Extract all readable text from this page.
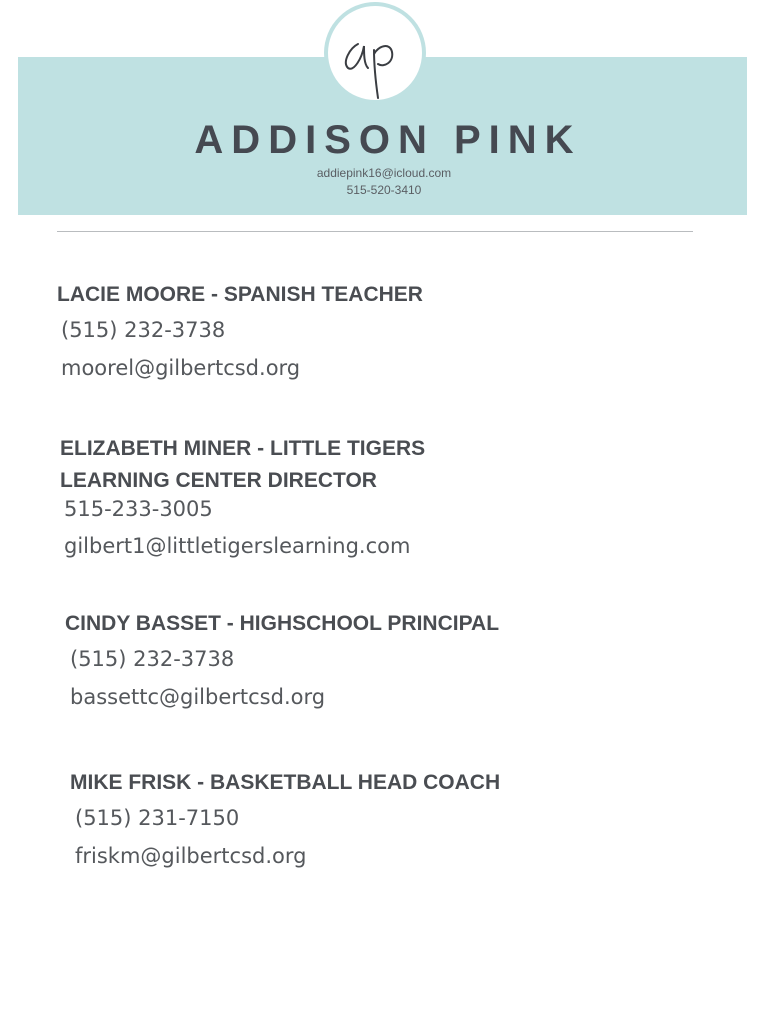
ADDISON PINK

addiepink16@icloud.com

515-520-3410

LACIE MOORE - SPANISH TEACHER

(515) 232-3738

moorel@gilbertcsd.org

ELIZABETH MINER - LITTLE TIGERS

LEARNING CENTER DIRECTOR

515-233-3005

gilbert1@littletigerslearning.com

CINDY BASSET - HIGHSCHOOL PRINCIPAL

(515) 232-3738

bassettc@gilbertcsd.org

MIKE FRISK - BASKETBALL HEAD COACH

(515) 231-7150

friskm@gilbertcsd.org
